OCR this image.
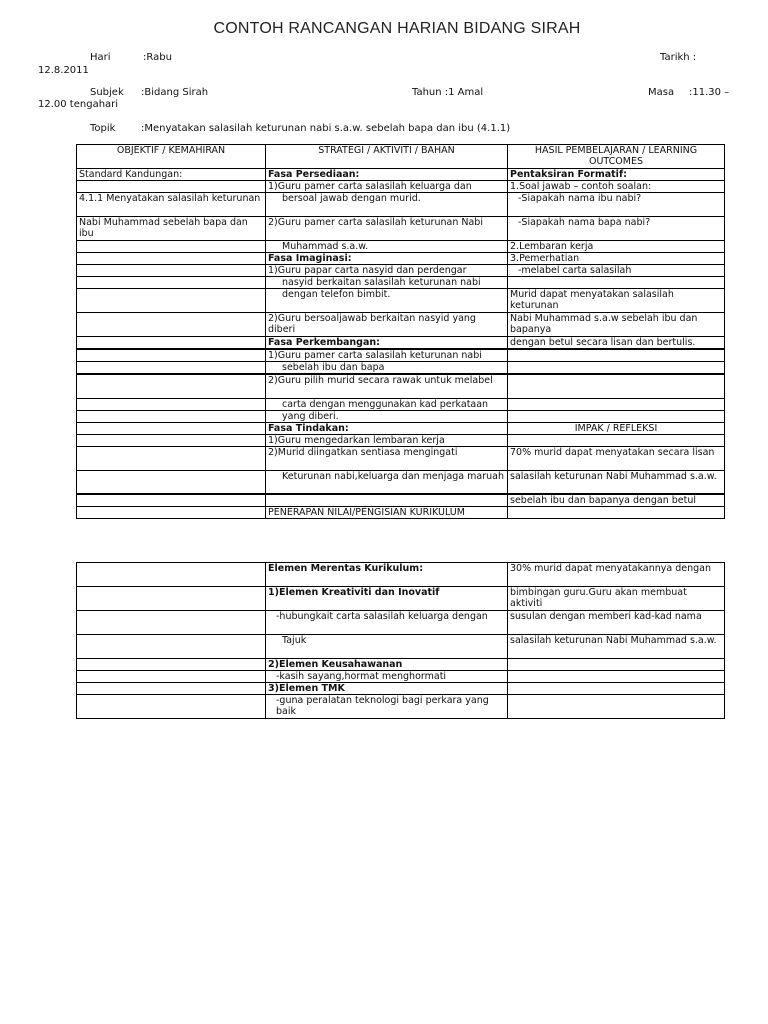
CONTOH RANCANGAN HARIAN BIDANG SIRAH
Hari	:Rabu	Tarikh :
12.8.2011
Subjek :Bidang Sirah	Tahun :1 Amal	Masa :11.30 –
12.00 tengahari
Topik	:Menyatakan salasilah keturunan nabi s.a.w. sebelah bapa dan ibu (4.1.1)
OBJEKTIF / KEMAHIRAN	STRATEGI / AKTIVITI / BAHAN	HASIL PEMBELAJARAN / LEARNING OUTCOMES
Standard Kandungan:	Fasa Persediaan:	Pentaksiran Formatif:
	1)Guru pamer carta salasilah keluarga dan	1.Soal jawab – contoh soalan:
4.1.1 Menyatakan salasilah keturunan	bersoal jawab dengan murid.	-Siapakah nama ibu nabi?
Nabi Muhammad sebelah bapa dan ibu	2)Guru pamer carta salasilah keturunan Nabi	-Siapakah nama bapa nabi?
	Muhammad s.a.w.	2.Lembaran kerja
	Fasa Imaginasi:	3.Pemerhatian
	1)Guru papar carta nasyid dan perdengar	-melabel carta salasilah
	nasyid berkaitan salasilah keturunan nabi	
	dengan telefon bimbit.	Murid dapat menyatakan salasilah keturunan
	2)Guru bersoaljawab berkaitan nasyid yang diberi	Nabi Muhammad s.a.w sebelah ibu dan bapanya
	Fasa Perkembangan:	dengan betul secara lisan dan bertulis.
	1)Guru pamer carta salasilah keturunan nabi	
	sebelah ibu dan bapa	
	2)Guru pilih murid secara rawak untuk melabel	
	carta dengan menggunakan kad perkataan	
	yang diberi.	
	Fasa Tindakan:	IMPAK / REFLEKSI
	1)Guru mengedarkan lembaran kerja	
	2)Murid diingatkan sentiasa mengingati	70% murid dapat menyatakan secara lisan
	Keturunan nabi,keluarga dan menjaga maruah	salasilah keturunan Nabi Muhammad s.a.w.
		sebelah ibu dan bapanya dengan betul
	PENERAPAN NILAI/PENGISIAN KURIKULUM	
	Elemen Merentas Kurikulum:	30% murid dapat menyatakannya dengan
	1)Elemen Kreativiti dan Inovatif	bimbingan guru.Guru akan membuat aktiviti
	-hubungkait carta salasilah keluarga dengan	susulan dengan memberi kad-kad nama
	Tajuk	salasilah keturunan Nabi Muhammad s.a.w.
	2)Elemen Keusahawanan	
	-kasih sayang,hormat menghormati	
	3)Elemen TMK	
	-guna peralatan teknologi bagi perkara yang baik	
